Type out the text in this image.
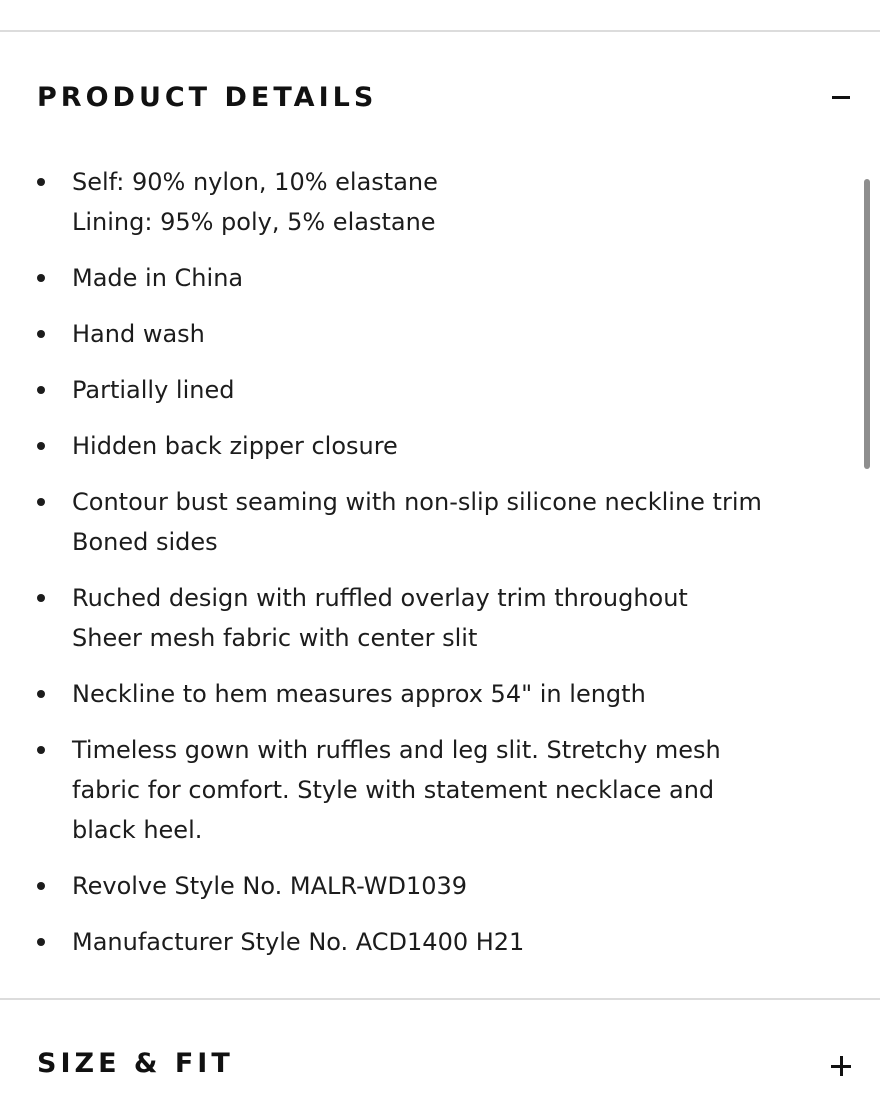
PRODUCT DETAILS
Self: 90% nylon, 10% elastane
Lining: 95% poly, 5% elastane
Made in China
Hand wash
Partially lined
Hidden back zipper closure
Contour bust seaming with non-slip silicone neckline trim
Boned sides
Ruched design with ruffled overlay trim throughout
Sheer mesh fabric with center slit
Neckline to hem measures approx 54" in length
Timeless gown with ruffles and leg slit. Stretchy mesh
fabric for comfort. Style with statement necklace and
black heel.
Revolve Style No. MALR-WD1039
Manufacturer Style No. ACD1400 H21
SIZE & FIT
